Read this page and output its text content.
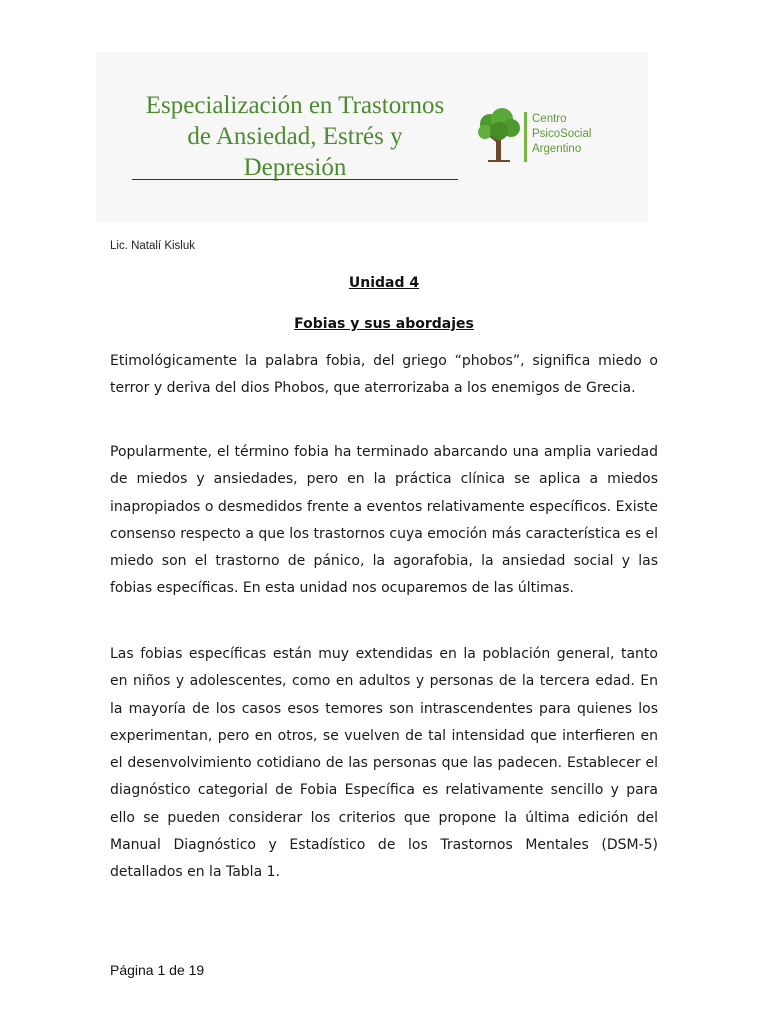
Especialización en Trastornos
de Ansiedad, Estrés y
Depresión
Centro
PsicoSocial
Argentino
Lic. Natalí Kisluk
Unidad 4
Fobias y sus abordajes

Etimológicamente la palabra fobia, del griego “phobos”, significa miedo o terror y deriva del dios Phobos, que aterrorizaba a los enemigos de Grecia.

Popularmente, el término fobia ha terminado abarcando una amplia variedad de miedos y ansiedades, pero en la práctica clínica se aplica a miedos inapropiados o desmedidos frente a eventos relativamente específicos. Existe consenso respecto a que los trastornos cuya emoción más característica es el miedo son el trastorno de pánico, la agorafobia, la ansiedad social y las fobias específicas. En esta unidad nos ocuparemos de las últimas.

Las fobias específicas están muy extendidas en la población general, tanto en niños y adolescentes, como en adultos y personas de la tercera edad. En la mayoría de los casos esos temores son intrascendentes para quienes los experimentan, pero en otros, se vuelven de tal intensidad que interfieren en el desenvolvimiento cotidiano de las personas que las padecen. Establecer el diagnóstico categorial de Fobia Específica es relativamente sencillo y para ello se pueden considerar los criterios que propone la última edición del Manual Diagnóstico y Estadístico de los Trastornos Mentales (DSM-5) detallados en la Tabla 1.

Página 1 de 19
